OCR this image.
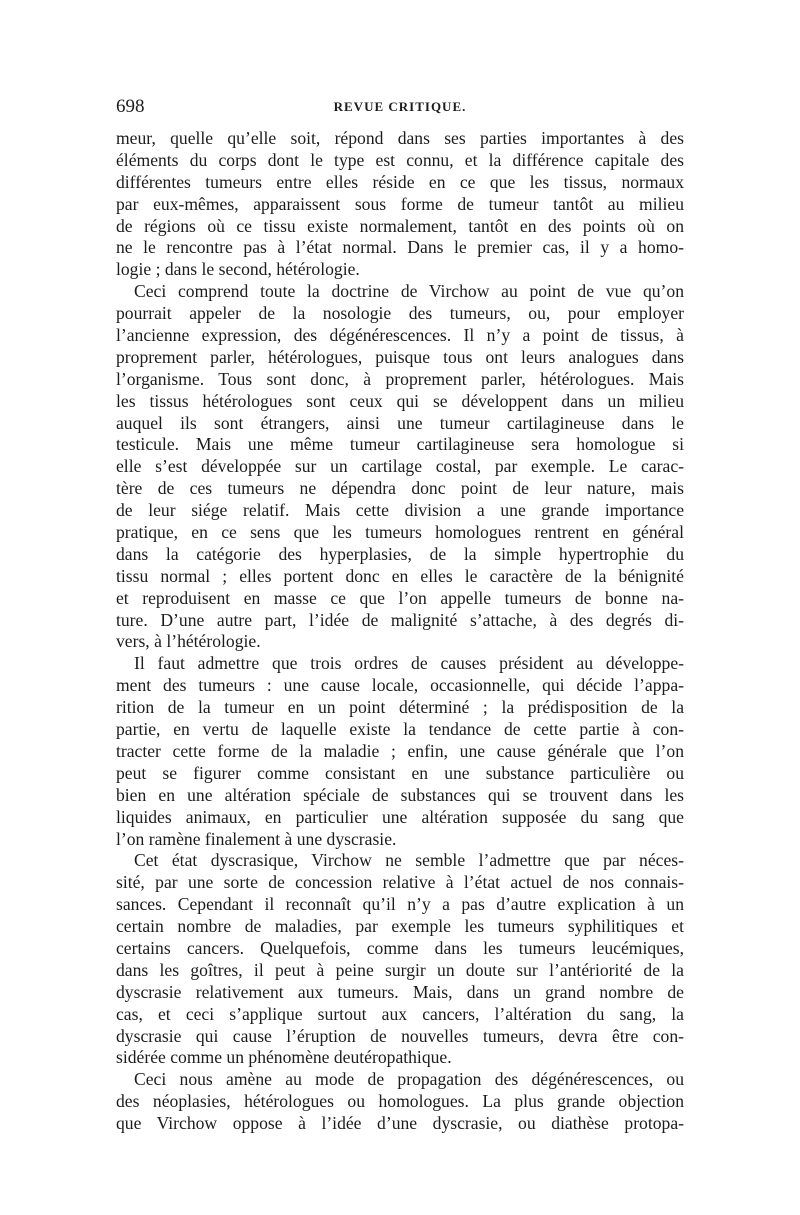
698	REVUE CRITIQUE.
meur, quelle qu’elle soit, répond dans ses parties importantes à des
éléments du corps dont le type est connu, et la différence capitale des
différentes tumeurs entre elles réside en ce que les tissus, normaux
par eux-mêmes, apparaissent sous forme de tumeur tantôt au milieu
de régions où ce tissu existe normalement, tantôt en des points où on
ne le rencontre pas à l’état normal. Dans le premier cas, il y a homo-
logie ; dans le second, hétérologie.
Ceci comprend toute la doctrine de Virchow au point de vue qu’on
pourrait appeler de la nosologie des tumeurs, ou, pour employer
l’ancienne expression, des dégénérescences. Il n’y a point de tissus, à
proprement parler, hétérologues, puisque tous ont leurs analogues dans
l’organisme. Tous sont donc, à proprement parler, hétérologues. Mais
les tissus hétérologues sont ceux qui se développent dans un milieu
auquel ils sont étrangers, ainsi une tumeur cartilagineuse dans le
testicule. Mais une même tumeur cartilagineuse sera homologue si
elle s’est développée sur un cartilage costal, par exemple. Le carac-
tère de ces tumeurs ne dépendra donc point de leur nature, mais
de leur siége relatif. Mais cette division a une grande importance
pratique, en ce sens que les tumeurs homologues rentrent en général
dans la catégorie des hyperplasies, de la simple hypertrophie du
tissu normal ; elles portent donc en elles le caractère de la bénignité
et reproduisent en masse ce que l’on appelle tumeurs de bonne na-
ture. D’une autre part, l’idée de malignité s’attache, à des degrés di-
vers, à l’hétérologie.
Il faut admettre que trois ordres de causes président au développe-
ment des tumeurs : une cause locale, occasionnelle, qui décide l’appa-
rition de la tumeur en un point déterminé ; la prédisposition de la
partie, en vertu de laquelle existe la tendance de cette partie à con-
tracter cette forme de la maladie ; enfin, une cause générale que l’on
peut se figurer comme consistant en une substance particulière ou
bien en une altération spéciale de substances qui se trouvent dans les
liquides animaux, en particulier une altération supposée du sang que
l’on ramène finalement à une dyscrasie.
Cet état dyscrasique, Virchow ne semble l’admettre que par néces-
sité, par une sorte de concession relative à l’état actuel de nos connais-
sances. Cependant il reconnaît qu’il n’y a pas d’autre explication à un
certain nombre de maladies, par exemple les tumeurs syphilitiques et
certains cancers. Quelquefois, comme dans les tumeurs leucémiques,
dans les goîtres, il peut à peine surgir un doute sur l’antériorité de la
dyscrasie relativement aux tumeurs. Mais, dans un grand nombre de
cas, et ceci s’applique surtout aux cancers, l’altération du sang, la
dyscrasie qui cause l’éruption de nouvelles tumeurs, devra être con-
sidérée comme un phénomène deutéropathique.
Ceci nous amène au mode de propagation des dégénérescences, ou
des néoplasies, hétérologues ou homologues. La plus grande objection
que Virchow oppose à l’idée d’une dyscrasie, ou diathèse protopa-
